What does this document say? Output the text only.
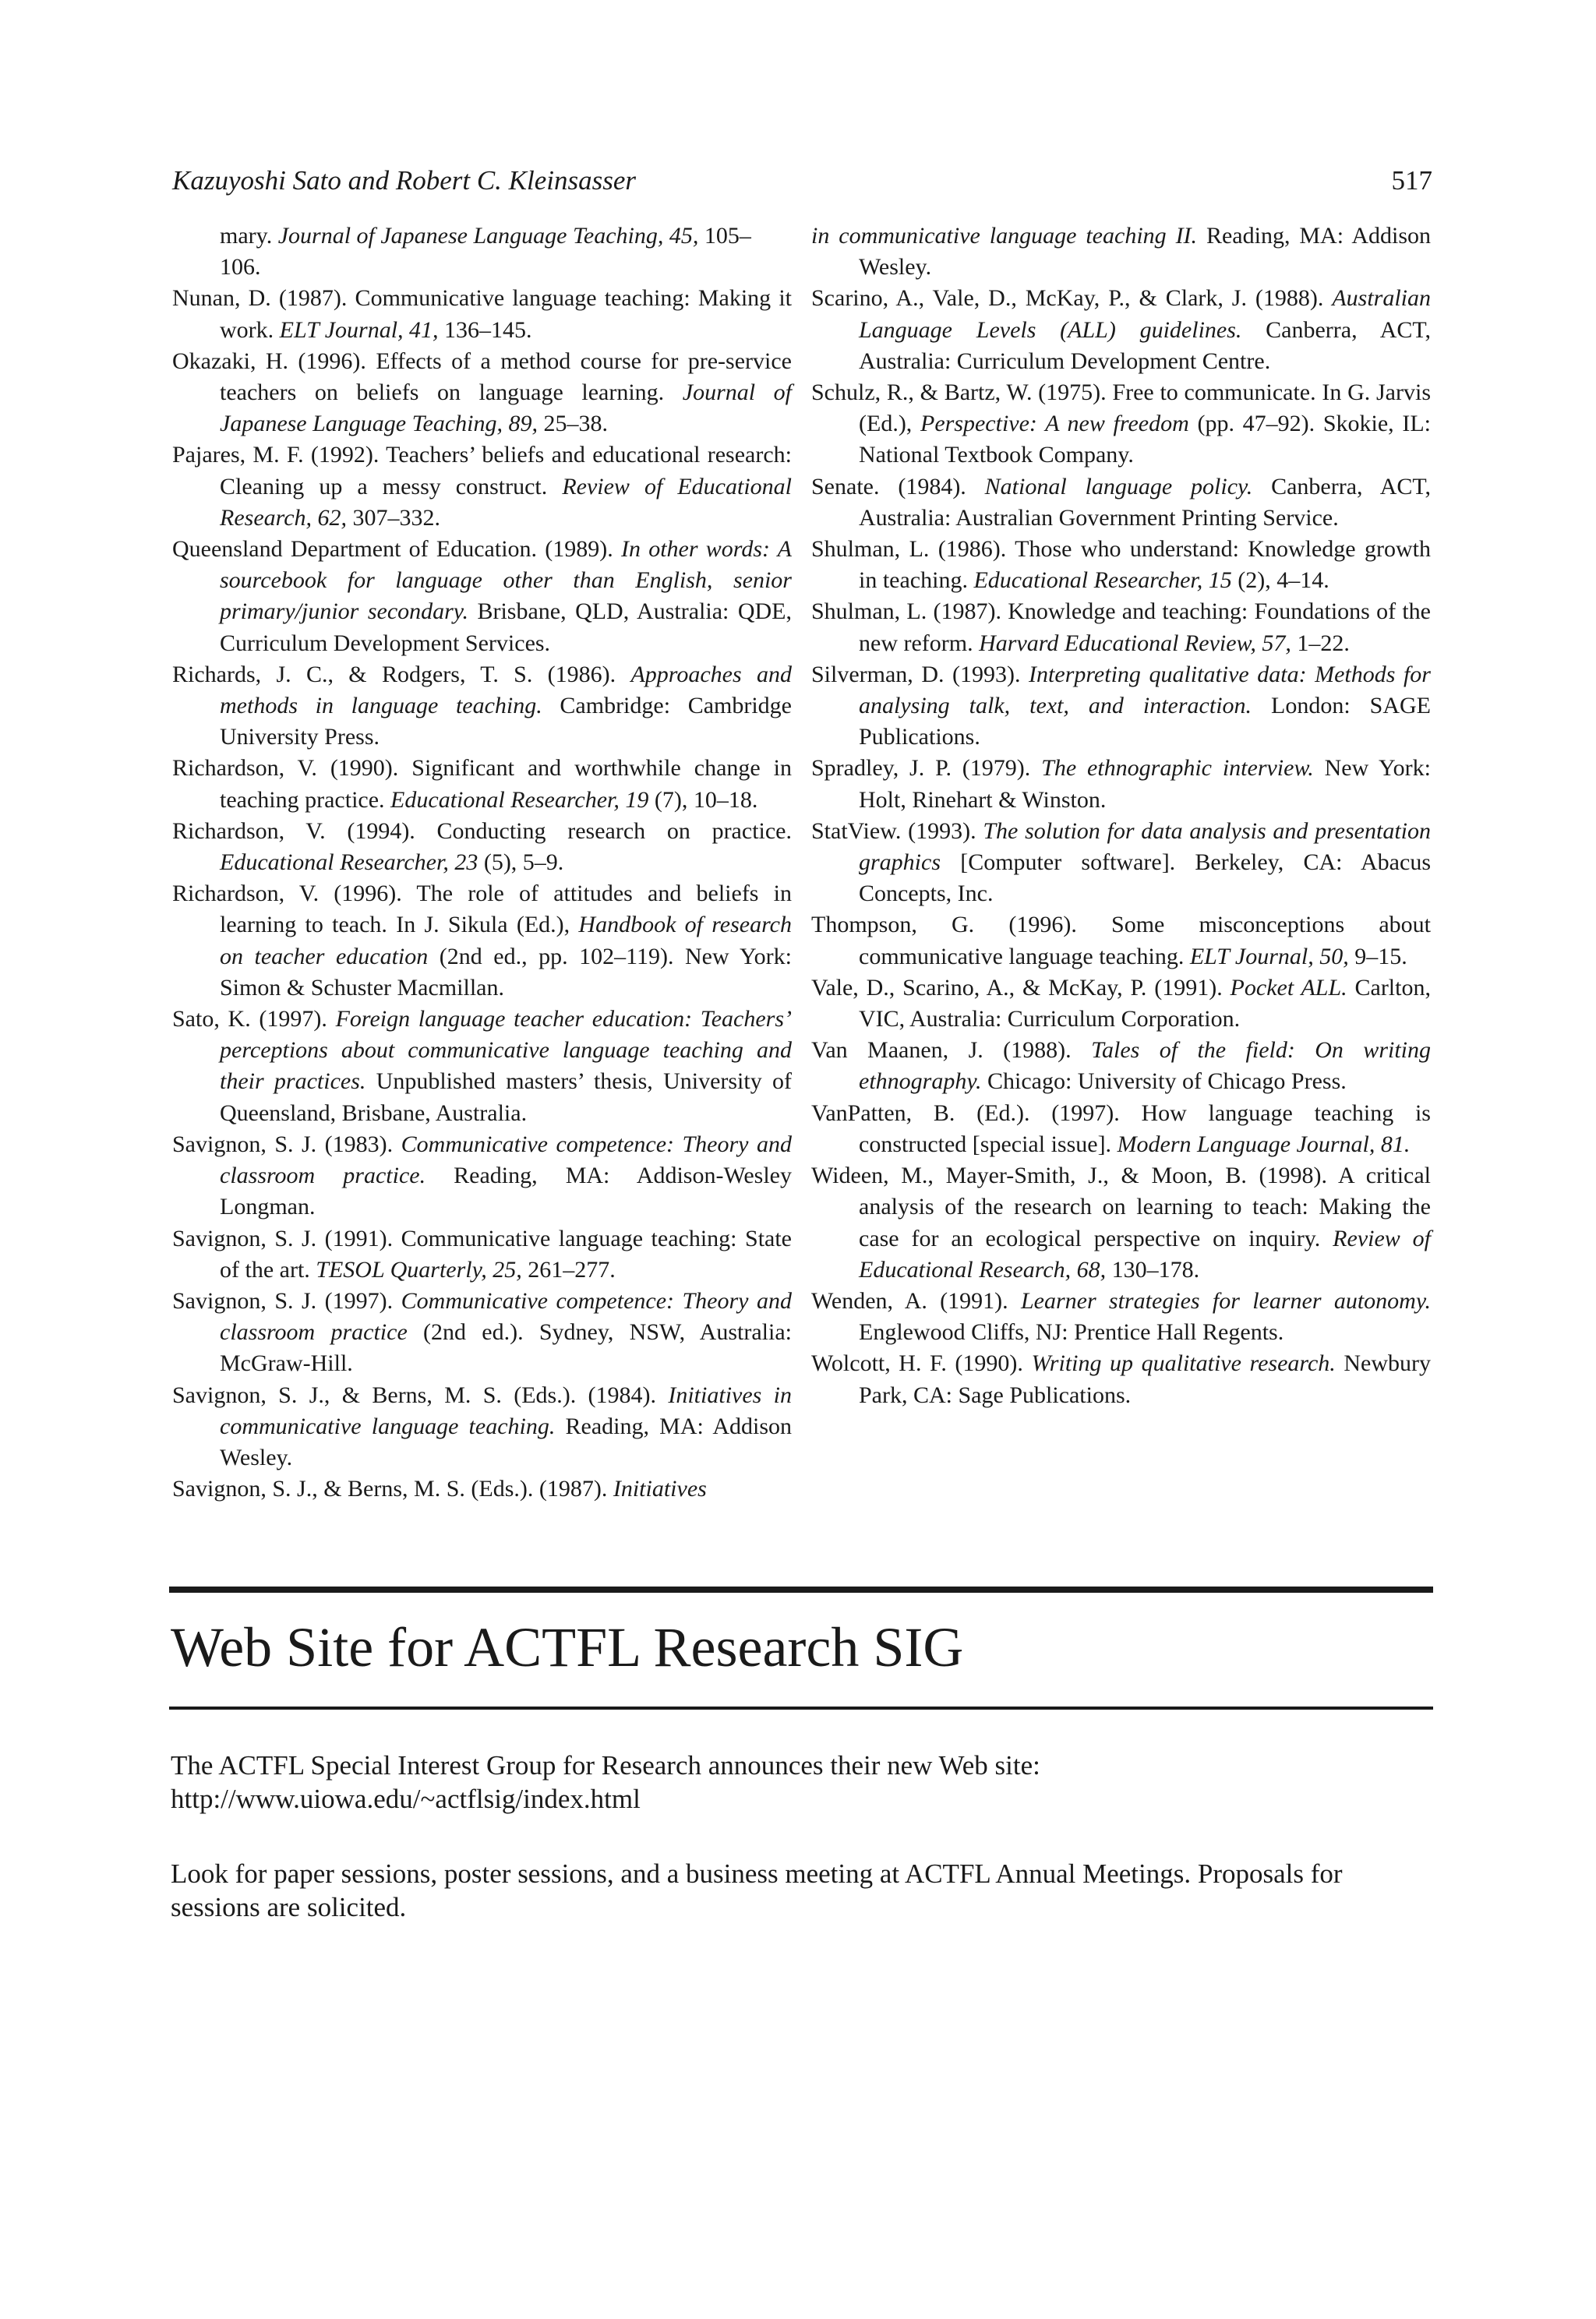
Kazuyoshi Sato and Robert C. Kleinsasser	517
mary. Journal of Japanese Language Teaching, 45, 105–106.
Nunan, D. (1987). Communicative language teaching: Making it work. ELT Journal, 41, 136–145.
Okazaki, H. (1996). Effects of a method course for pre-service teachers on beliefs on language learning. Journal of Japanese Language Teaching, 89, 25–38.
Pajares, M. F. (1992). Teachers’ beliefs and educational research: Cleaning up a messy construct. Review of Educational Research, 62, 307–332.
Queensland Department of Education. (1989). In other words: A sourcebook for language other than English, senior primary/junior secondary. Brisbane, QLD, Australia: QDE, Curriculum Development Services.
Richards, J. C., & Rodgers, T. S. (1986). Approaches and methods in language teaching. Cambridge: Cambridge University Press.
Richardson, V. (1990). Significant and worthwhile change in teaching practice. Educational Researcher, 19 (7), 10–18.
Richardson, V. (1994). Conducting research on practice. Educational Researcher, 23 (5), 5–9.
Richardson, V. (1996). The role of attitudes and beliefs in learning to teach. In J. Sikula (Ed.), Handbook of research on teacher education (2nd ed., pp. 102–119). New York: Simon & Schuster Macmillan.
Sato, K. (1997). Foreign language teacher education: Teachers’ perceptions about communicative language teaching and their practices. Unpublished masters’ thesis, University of Queensland, Brisbane, Australia.
Savignon, S. J. (1983). Communicative competence: Theory and classroom practice. Reading, MA: Addison-Wesley Longman.
Savignon, S. J. (1991). Communicative language teaching: State of the art. TESOL Quarterly, 25, 261–277.
Savignon, S. J. (1997). Communicative competence: Theory and classroom practice (2nd ed.). Sydney, NSW, Australia: McGraw-Hill.
Savignon, S. J., & Berns, M. S. (Eds.). (1984). Initiatives in communicative language teaching. Reading, MA: Addison Wesley.
Savignon, S. J., & Berns, M. S. (Eds.). (1987). Initiatives
in communicative language teaching II. Reading, MA: Addison Wesley.
Scarino, A., Vale, D., McKay, P., & Clark, J. (1988). Australian Language Levels (ALL) guidelines. Canberra, ACT, Australia: Curriculum Development Centre.
Schulz, R., & Bartz, W. (1975). Free to communicate. In G. Jarvis (Ed.), Perspective: A new freedom (pp. 47–92). Skokie, IL: National Textbook Company.
Senate. (1984). National language policy. Canberra, ACT, Australia: Australian Government Printing Service.
Shulman, L. (1986). Those who understand: Knowledge growth in teaching. Educational Researcher, 15 (2), 4–14.
Shulman, L. (1987). Knowledge and teaching: Foundations of the new reform. Harvard Educational Review, 57, 1–22.
Silverman, D. (1993). Interpreting qualitative data: Methods for analysing talk, text, and interaction. London: SAGE Publications.
Spradley, J. P. (1979). The ethnographic interview. New York: Holt, Rinehart & Winston.
StatView. (1993). The solution for data analysis and presentation graphics [Computer software]. Berkeley, CA: Abacus Concepts, Inc.
Thompson, G. (1996). Some misconceptions about communicative language teaching. ELT Journal, 50, 9–15.
Vale, D., Scarino, A., & McKay, P. (1991). Pocket ALL. Carlton, VIC, Australia: Curriculum Corporation.
Van Maanen, J. (1988). Tales of the field: On writing ethnography. Chicago: University of Chicago Press.
VanPatten, B. (Ed.). (1997). How language teaching is constructed [special issue]. Modern Language Journal, 81.
Wideen, M., Mayer-Smith, J., & Moon, B. (1998). A critical analysis of the research on learning to teach: Making the case for an ecological perspective on inquiry. Review of Educational Research, 68, 130–178.
Wenden, A. (1991). Learner strategies for learner autonomy. Englewood Cliffs, NJ: Prentice Hall Regents.
Wolcott, H. F. (1990). Writing up qualitative research. Newbury Park, CA: Sage Publications.
Web Site for ACTFL Research SIG
The ACTFL Special Interest Group for Research announces their new Web site: http://www.uiowa.edu/~actflsig/index.html
Look for paper sessions, poster sessions, and a business meeting at ACTFL Annual Meetings. Proposals for sessions are solicited.
